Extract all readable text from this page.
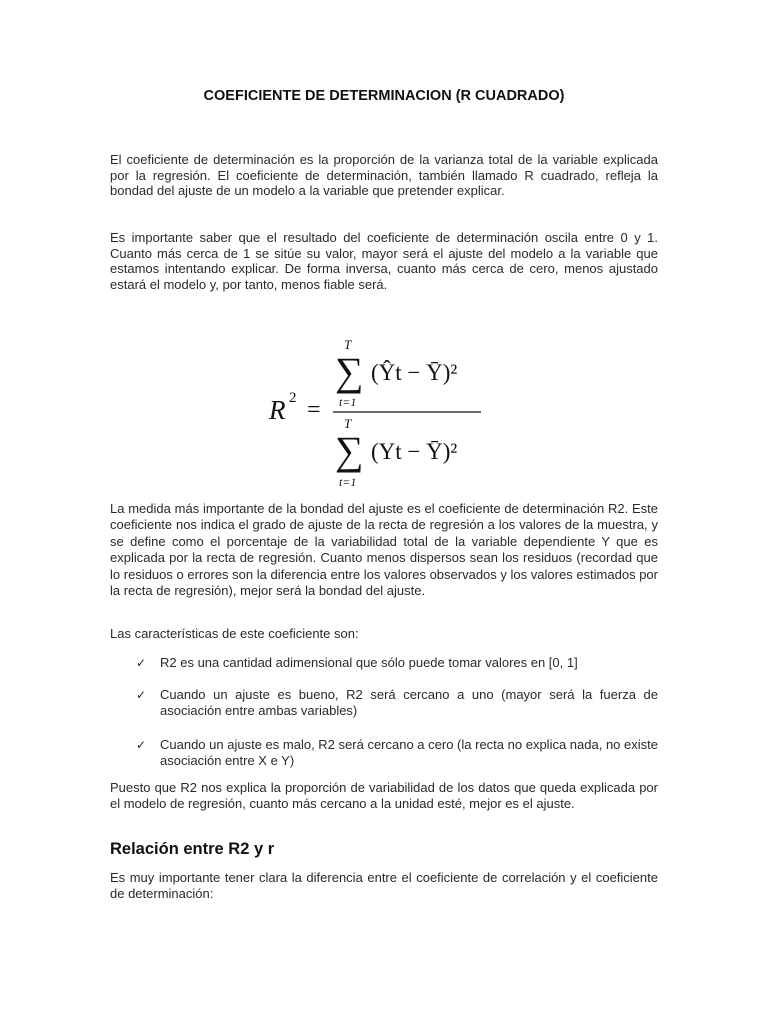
COEFICIENTE DE DETERMINACION (R CUADRADO)

El coeficiente de determinación es la proporción de la varianza total de la variable explicada por la regresión. El coeficiente de determinación, también llamado R cuadrado, refleja la bondad del ajuste de un modelo a la variable que pretender explicar.

Es importante saber que el resultado del coeficiente de determinación oscila entre 0 y 1. Cuanto más cerca de 1 se sitúe su valor, mayor será el ajuste del modelo a la variable que estamos intentando explicar. De forma inversa, cuanto más cerca de cero, menos ajustado estará el modelo y, por tanto, menos fiable será.

R 2 =
T
∑
t=1
(Ŷt − Ȳ)²
T
∑
t=1
(Yt − Ȳ)²

La medida más importante de la bondad del ajuste es el coeficiente de determinación R2. Este coeficiente nos indica el grado de ajuste de la recta de regresión a los valores de la muestra, y se define como el porcentaje de la variabilidad total de la variable dependiente Y que es explicada por la recta de regresión. Cuanto menos dispersos sean los residuos (recordad que lo residuos o errores son la diferencia entre los valores observados y los valores estimados por la recta de regresión), mejor será la bondad del ajuste.

Las características de este coeficiente son:

✓	R2 es una cantidad adimensional que sólo puede tomar valores en [0, 1]
✓	Cuando un ajuste es bueno, R2 será cercano a uno (mayor será la fuerza de asociación entre ambas variables)
✓	Cuando un ajuste es malo, R2 será cercano a cero (la recta no explica nada, no existe asociación entre X e Y)

Puesto que R2 nos explica la proporción de variabilidad de los datos que queda explicada por el modelo de regresión, cuanto más cercano a la unidad esté, mejor es el ajuste.

Relación entre R2 y r

Es muy importante tener clara la diferencia entre el coeficiente de correlación y el coeficiente de determinación:
